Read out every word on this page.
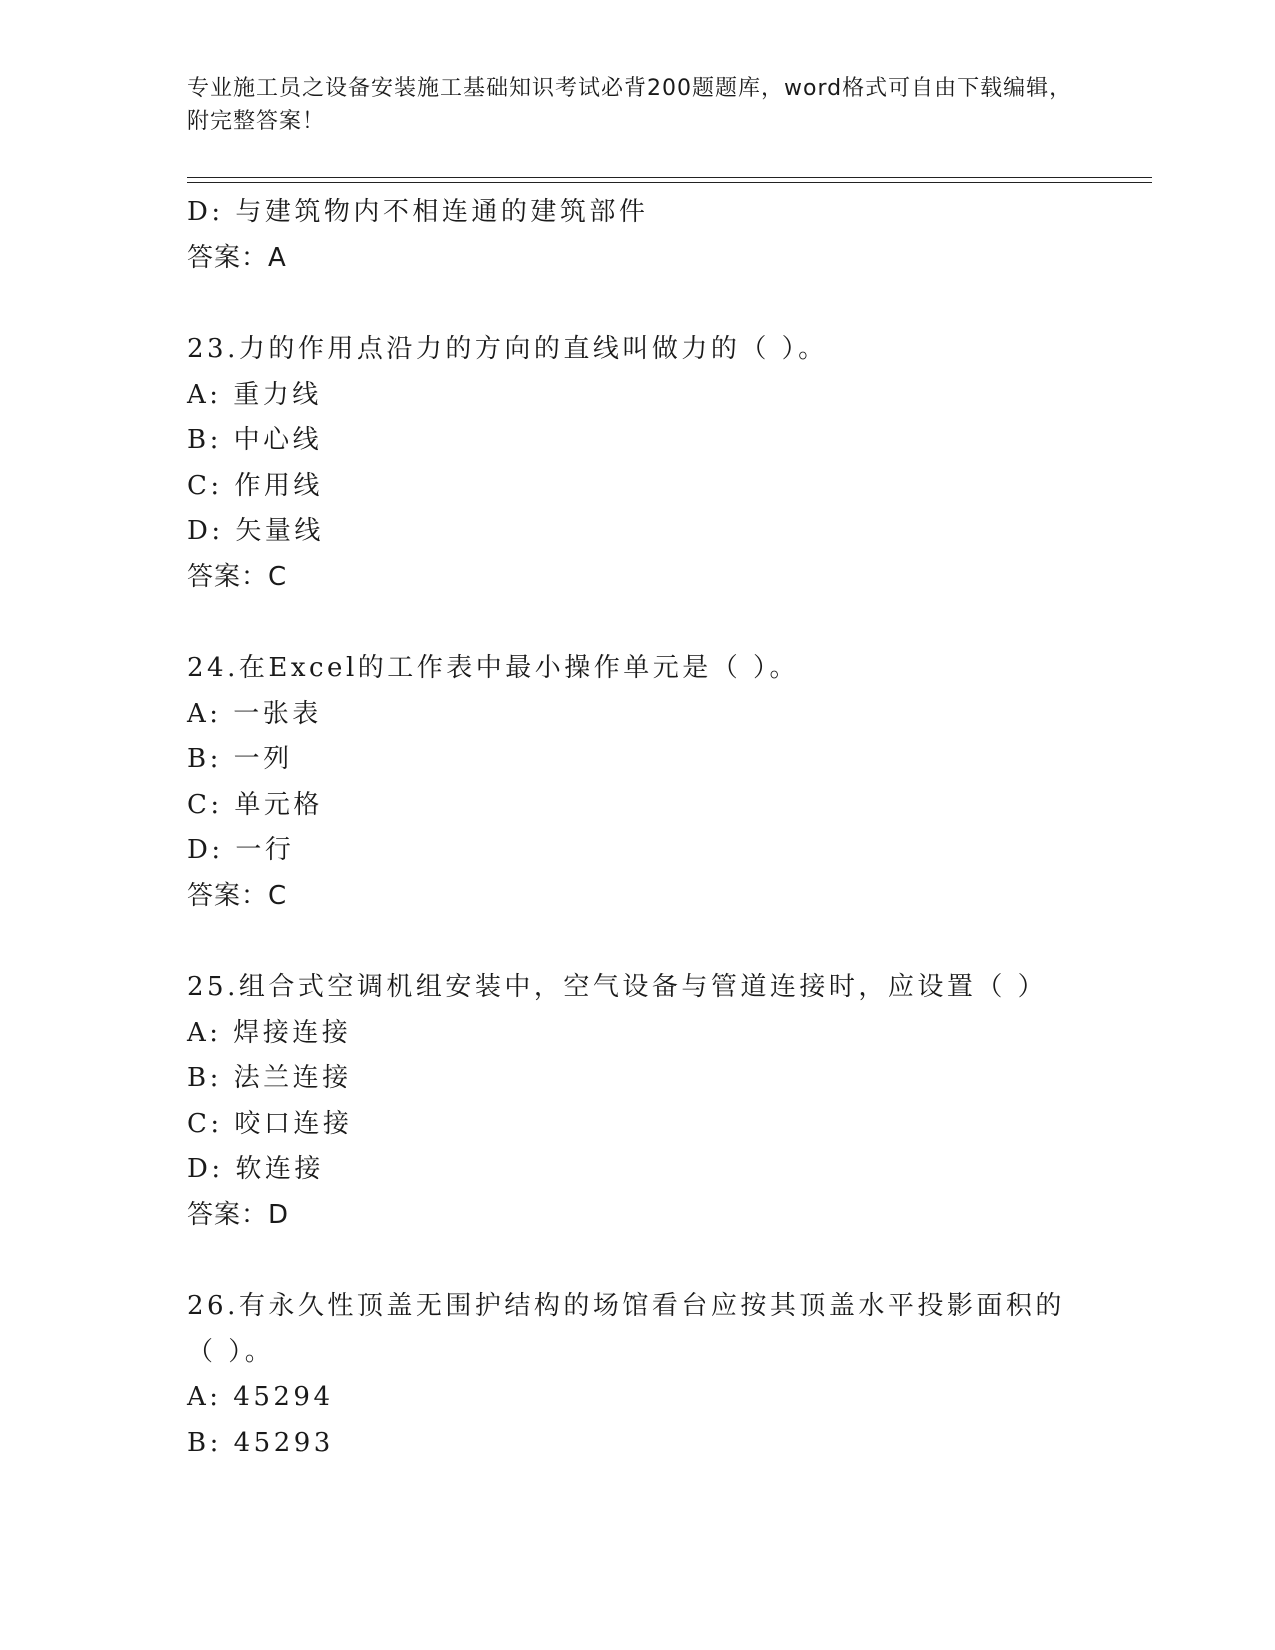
专业施工员之设备安装施工基础知识考试必背200题题库，word格式可自由下载编辑，附完整答案！
D: 与建筑物内不相连通的建筑部件
答案：A
23.力的作用点沿力的方向的直线叫做力的（ ）。
A: 重力线
B: 中心线
C: 作用线
D: 矢量线
答案：C
24.在Excel的工作表中最小操作单元是（ ）。
A: 一张表
B: 一列
C: 单元格
D: 一行
答案：C
25.组合式空调机组安装中，空气设备与管道连接时，应设置（ ）
A: 焊接连接
B: 法兰连接
C: 咬口连接
D: 软连接
答案：D
26.有永久性顶盖无围护结构的场馆看台应按其顶盖水平投影面积的（ ）。
A: 45294
B: 45293
